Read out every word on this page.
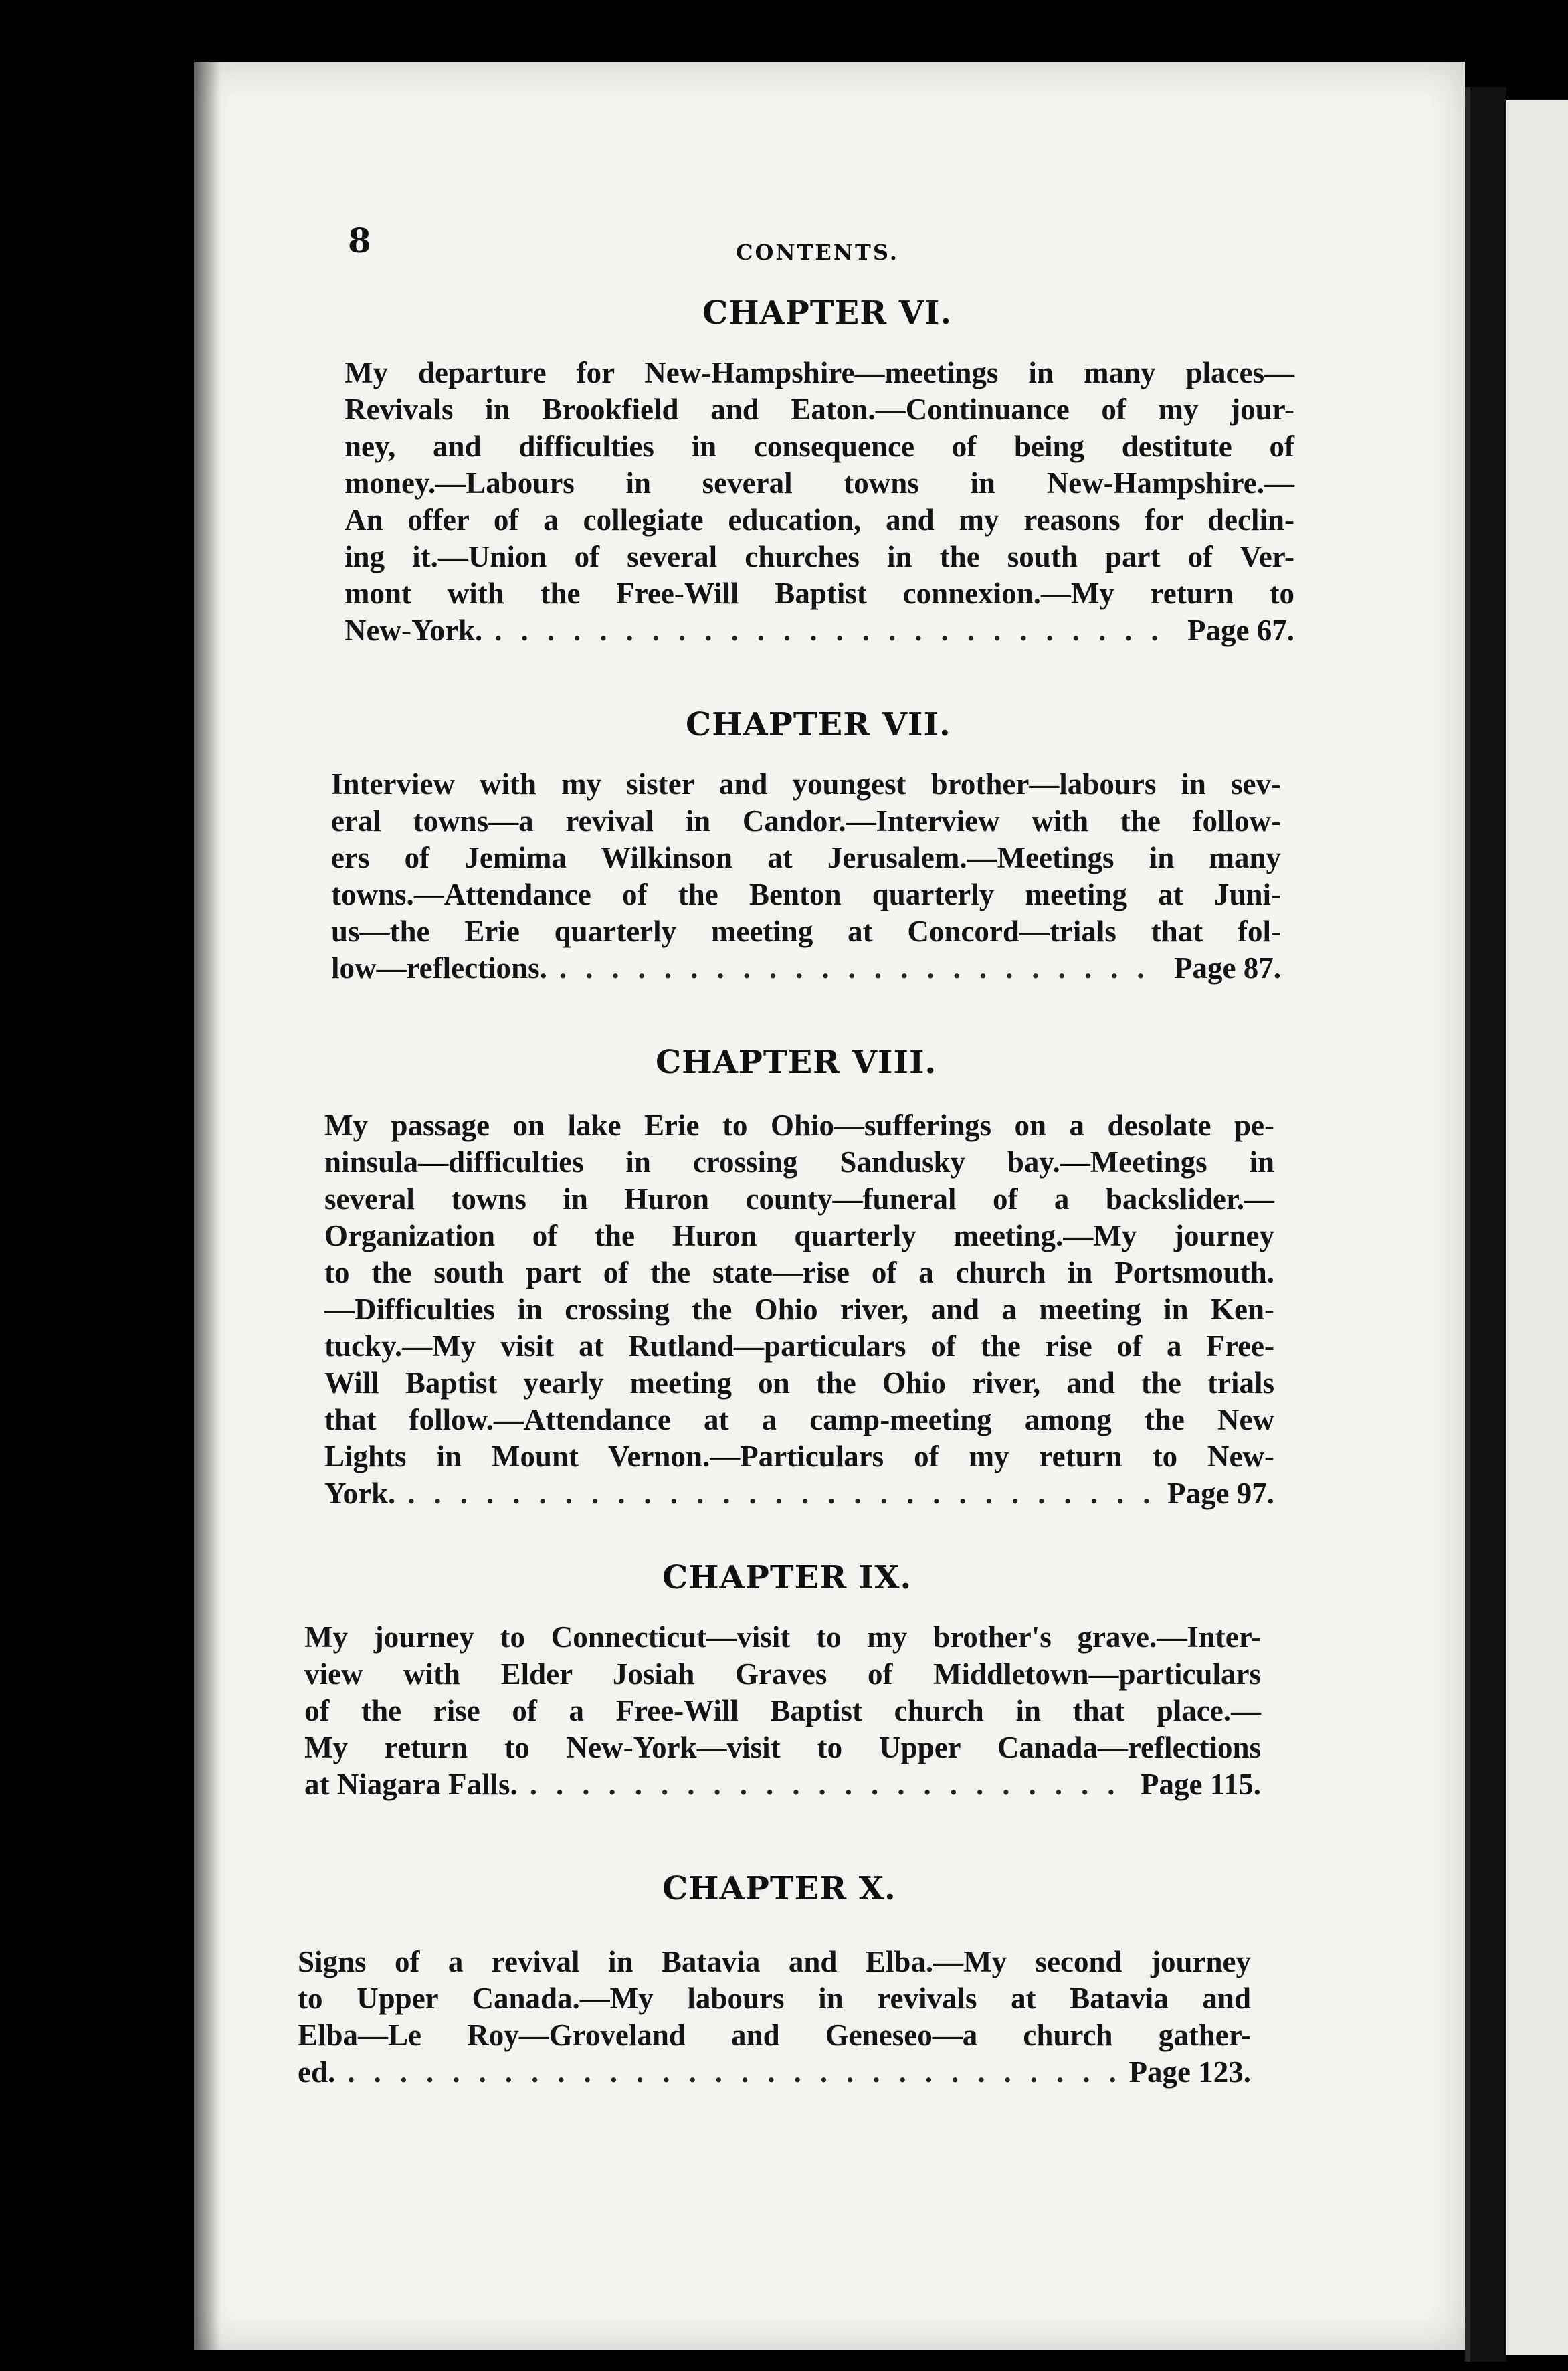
8	CONTENTS.
CHAPTER VI.
My departure for New-Hampshire—meetings in many places—
Revivals in Brookfield and Eaton.—Continuance of my jour-
ney, and difficulties in consequence of being destitute of
money.—Labours in several towns in New-Hampshire.—
An offer of a collegiate education, and my reasons for declin-
ing it.—Union of several churches in the south part of Ver-
mont with the Free-Will Baptist connexion.—My return to
New-York. .....	Page 67.
CHAPTER VII.
Interview with my sister and youngest brother—labours in sev-
eral towns—a revival in Candor.—Interview with the follow-
ers of Jemima Wilkinson at Jerusalem.—Meetings in many
towns.—Attendance of the Benton quarterly meeting at Juni-
us—the Erie quarterly meeting at Concord—trials that fol-
low—reflections. .....	Page 87.
CHAPTER VIII.
My passage on lake Erie to Ohio—sufferings on a desolate pe-
ninsula—difficulties in crossing Sandusky bay.—Meetings in
several towns in Huron county—funeral of a backslider.—
Organization of the Huron quarterly meeting.—My journey
to the south part of the state—rise of a church in Portsmouth.
—Difficulties in crossing the Ohio river, and a meeting in Ken-
tucky.—My visit at Rutland—particulars of the rise of a Free-
Will Baptist yearly meeting on the Ohio river, and the trials
that follow.—Attendance at a camp-meeting among the New
Lights in Mount Vernon.—Particulars of my return to New-
York. .....	Page 97.
CHAPTER IX.
My journey to Connecticut—visit to my brother's grave.—Inter-
view with Elder Josiah Graves of Middletown—particulars
of the rise of a Free-Will Baptist church in that place.—
My return to New-York—visit to Upper Canada—reflections
at Niagara Falls. .....	Page 115.
CHAPTER X.
Signs of a revival in Batavia and Elba.—My second journey
to Upper Canada.—My labours in revivals at Batavia and
Elba—Le Roy—Groveland and Geneseo—a church gather-
ed. .....	Page 123.
